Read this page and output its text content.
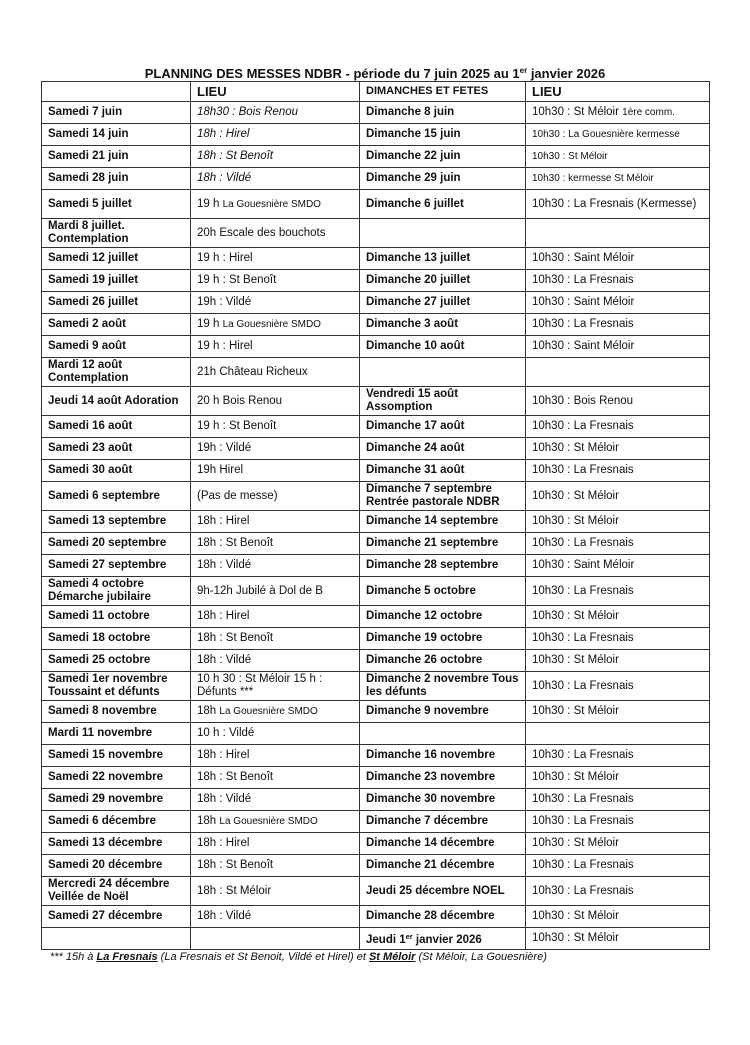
PLANNING DES MESSES NDBR - période du 7 juin 2025 au 1er janvier 2026
	LIEU	DIMANCHES ET FETES	LIEU
Samedi 7 juin	18h30 : Bois Renou	Dimanche 8 juin	10h30 : St Méloir 1ère comm.
Samedi 14 juin	18h : Hirel	Dimanche 15 juin	10h30 : La Gouesnière kermesse
Samedi 21 juin	18h : St Benoît	Dimanche 22 juin	10h30 : St Méloir
Samedi 28 juin	18h : Vildé	Dimanche 29 juin	10h30 : kermesse St Méloir
Samedi 5 juillet	19 h La Gouesnière SMDO	Dimanche 6 juillet	10h30 : La Fresnais (Kermesse)
Mardi 8 juillet. Contemplation	20h Escale des bouchots		
Samedi 12 juillet	19 h : Hirel	Dimanche 13 juillet	10h30 : Saint Méloir
Samedi 19 juillet	19 h : St Benoît	Dimanche 20 juillet	10h30 : La Fresnais
Samedi 26 juillet	19h : Vildé	Dimanche 27 juillet	10h30 : Saint Méloir
Samedi 2 août	19 h La Gouesnière SMDO	Dimanche 3 août	10h30 : La Fresnais
Samedi 9 août	19 h : Hirel	Dimanche 10 août	10h30 : Saint Méloir
Mardi 12 août Contemplation	21h Château Richeux		
Jeudi 14 août Adoration	20 h Bois Renou	Vendredi 15 août Assomption	10h30 : Bois Renou
Samedi 16 août	19 h : St Benoît	Dimanche 17 août	10h30 : La Fresnais
Samedi 23 août	19h : Vildé	Dimanche 24 août	10h30 : St Méloir
Samedi 30 août	19h Hirel	Dimanche 31 août	10h30 : La Fresnais
Samedi 6 septembre	(Pas de messe)	Dimanche 7 septembre Rentrée pastorale NDBR	10h30 : St Méloir
Samedi 13 septembre	18h : Hirel	Dimanche 14 septembre	10h30 : St Méloir
Samedi 20 septembre	18h : St Benoît	Dimanche 21 septembre	10h30 : La Fresnais
Samedi 27 septembre	18h : Vildé	Dimanche 28 septembre	10h30 : Saint Méloir
Samedi 4 octobre Démarche jubilaire	9h-12h Jubilé à Dol de B	Dimanche 5 octobre	10h30 : La Fresnais
Samedi 11 octobre	18h : Hirel	Dimanche 12 octobre	10h30 : St Méloir
Samedi 18 octobre	18h : St Benoît	Dimanche 19 octobre	10h30 : La Fresnais
Samedi 25 octobre	18h : Vildé	Dimanche 26 octobre	10h30 : St Méloir
Samedi 1er novembre Toussaint et défunts	10 h 30 : St Méloir 15 h : Défunts ***	Dimanche 2 novembre Tous les défunts	10h30 : La Fresnais
Samedi 8 novembre	18h La Gouesnière SMDO	Dimanche 9 novembre	10h30 : St Méloir
Mardi 11 novembre	10 h : Vildé		
Samedi 15 novembre	18h : Hirel	Dimanche 16 novembre	10h30 : La Fresnais
Samedi 22 novembre	18h : St Benoît	Dimanche 23 novembre	10h30 : St Méloir
Samedi 29 novembre	18h : Vildé	Dimanche 30 novembre	10h30 : La Fresnais
Samedi 6 décembre	18h La Gouesnière SMDO	Dimanche 7 décembre	10h30 : La Fresnais
Samedi 13 décembre	18h : Hirel	Dimanche 14 décembre	10h30 : St Méloir
Samedi 20 décembre	18h : St Benoît	Dimanche 21 décembre	10h30 : La Fresnais
Mercredi 24 décembre Veillée de Noël	18h : St Méloir	Jeudi 25 décembre NOEL	10h30 : La Fresnais
Samedi 27 décembre	18h : Vildé	Dimanche 28 décembre	10h30 : St Méloir
		Jeudi 1er janvier 2026	10h30 : St Méloir
*** 15h à La Fresnais (La Fresnais et St Benoit, Vildé et Hirel) et St Méloir (St Méloir, La Gouesnière)
